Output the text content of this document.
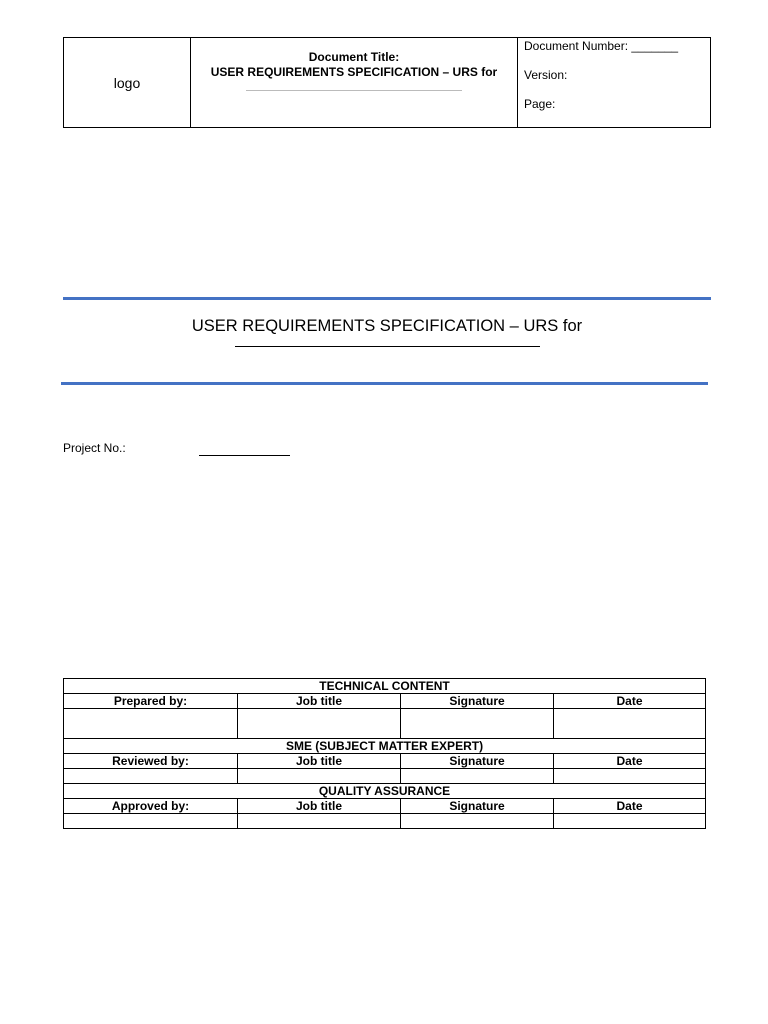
logo
Document Title:
USER REQUIREMENTS SPECIFICATION – URS for
Document Number: _______
Version:
Page:
USER REQUIREMENTS SPECIFICATION – URS for
Project No.:
TECHNICAL CONTENT			
Prepared by:	Job title	Signature	Date

SME (SUBJECT MATTER EXPERT)			
Reviewed by:	Job title	Signature	Date

QUALITY ASSURANCE			
Approved by:	Job title	Signature	Date
